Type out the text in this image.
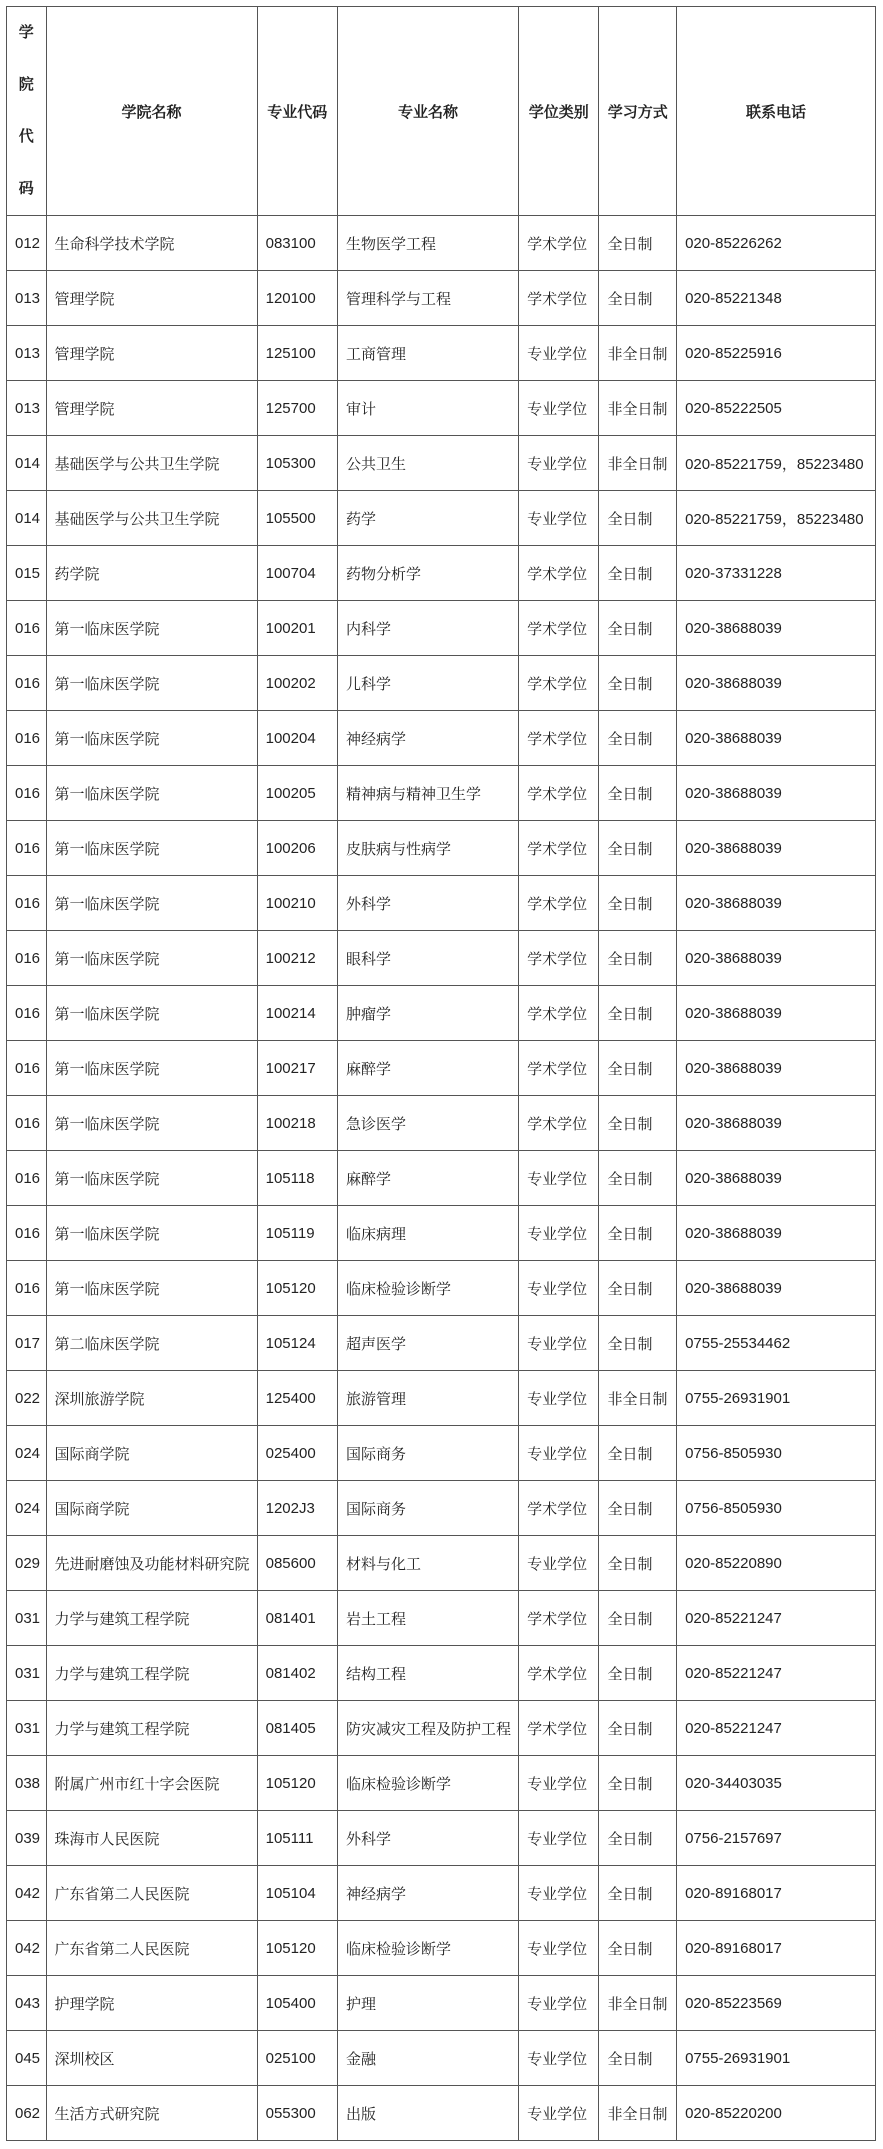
学
院
代
码	学院名称	专业代码	专业名称	学位类别	学习方式	联系电话
012	生命科学技术学院	083100	生物医学工程	学术学位	全日制	020-85226262
013	管理学院	120100	管理科学与工程	学术学位	全日制	020-85221348
013	管理学院	125100	工商管理	专业学位	非全日制	020-85225916
013	管理学院	125700	审计	专业学位	非全日制	020-85222505
014	基础医学与公共卫生学院	105300	公共卫生	专业学位	非全日制	020-85221759，85223480
014	基础医学与公共卫生学院	105500	药学	专业学位	全日制	020-85221759，85223480
015	药学院	100704	药物分析学	学术学位	全日制	020-37331228
016	第一临床医学院	100201	内科学	学术学位	全日制	020-38688039
016	第一临床医学院	100202	儿科学	学术学位	全日制	020-38688039
016	第一临床医学院	100204	神经病学	学术学位	全日制	020-38688039
016	第一临床医学院	100205	精神病与精神卫生学	学术学位	全日制	020-38688039
016	第一临床医学院	100206	皮肤病与性病学	学术学位	全日制	020-38688039
016	第一临床医学院	100210	外科学	学术学位	全日制	020-38688039
016	第一临床医学院	100212	眼科学	学术学位	全日制	020-38688039
016	第一临床医学院	100214	肿瘤学	学术学位	全日制	020-38688039
016	第一临床医学院	100217	麻醉学	学术学位	全日制	020-38688039
016	第一临床医学院	100218	急诊医学	学术学位	全日制	020-38688039
016	第一临床医学院	105118	麻醉学	专业学位	全日制	020-38688039
016	第一临床医学院	105119	临床病理	专业学位	全日制	020-38688039
016	第一临床医学院	105120	临床检验诊断学	专业学位	全日制	020-38688039
017	第二临床医学院	105124	超声医学	专业学位	全日制	0755-25534462
022	深圳旅游学院	125400	旅游管理	专业学位	非全日制	0755-26931901
024	国际商学院	025400	国际商务	专业学位	全日制	0756-8505930
024	国际商学院	1202J3	国际商务	学术学位	全日制	0756-8505930
029	先进耐磨蚀及功能材料研究院	085600	材料与化工	专业学位	全日制	020-85220890
031	力学与建筑工程学院	081401	岩土工程	学术学位	全日制	020-85221247
031	力学与建筑工程学院	081402	结构工程	学术学位	全日制	020-85221247
031	力学与建筑工程学院	081405	防灾减灾工程及防护工程	学术学位	全日制	020-85221247
038	附属广州市红十字会医院	105120	临床检验诊断学	专业学位	全日制	020-34403035
039	珠海市人民医院	105111	外科学	专业学位	全日制	0756-2157697
042	广东省第二人民医院	105104	神经病学	专业学位	全日制	020-89168017
042	广东省第二人民医院	105120	临床检验诊断学	专业学位	全日制	020-89168017
043	护理学院	105400	护理	专业学位	非全日制	020-85223569
045	深圳校区	025100	金融	专业学位	全日制	0755-26931901
062	生活方式研究院	055300	出版	专业学位	非全日制	020-85220200
